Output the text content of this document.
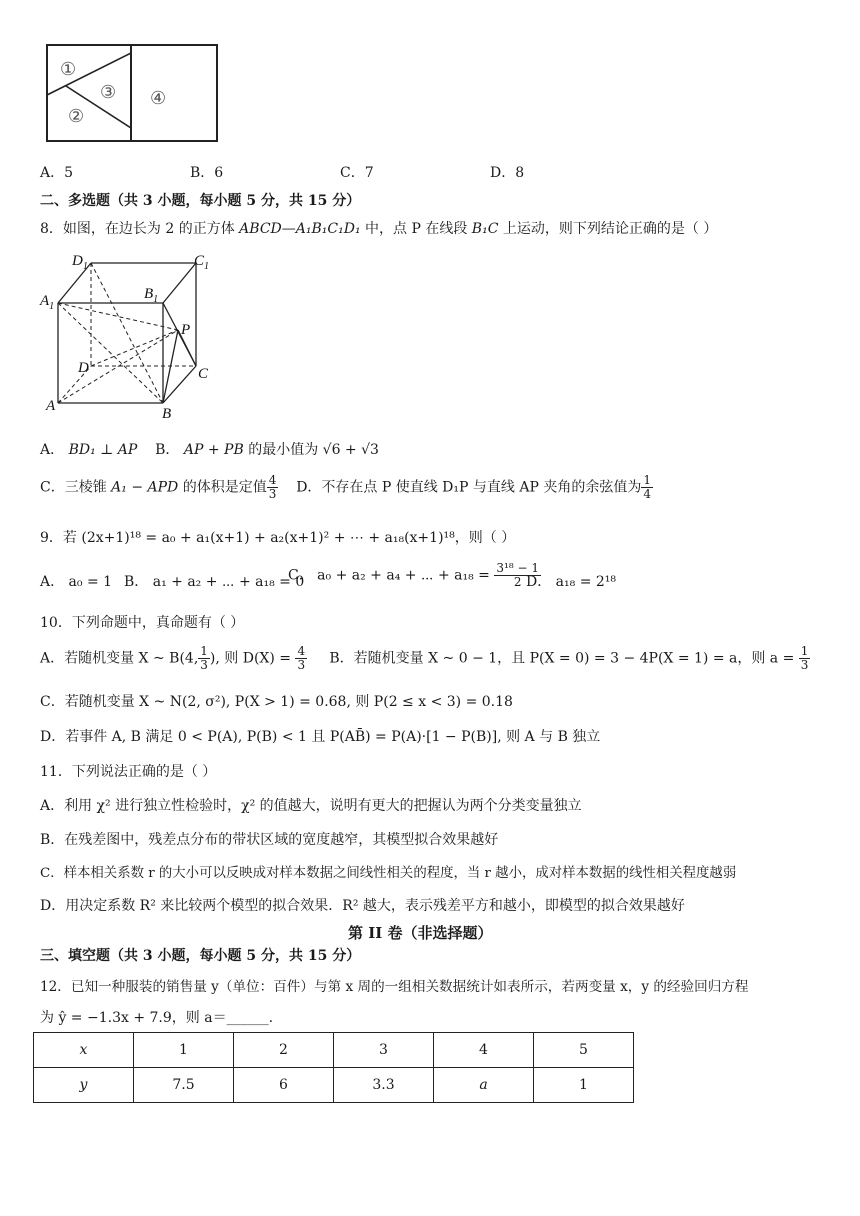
①
②
③ ④
A．5	B．6	C．7	D．8
二、多选题（共 3 小题，每小题 5 分，共 15 分）
8．如图，在边长为 2 的正方体 ABCD—A₁B₁C₁D₁ 中，点 P 在线段 B₁C 上运动，则下列结论正确的是（ ）
$D_1$	$C_1$
$A_1$
$B_1$
P
D	C
A	B
A． BD₁ ⊥ AP B． AP + PB 的最小值为 √6 + √3
C．三棱锥 A₁ − APD 的体积是定值 $\frac{4}{3}$ D．不存在点 P 使直线 D₁P 与直线 AP 夹角的余弦值为 $\frac{1}{4}$
9．若 (2x+1)¹⁸ = a₀ + a₁(x+1) + a₂(x+1)² + ⋯ + a₁₈(x+1)¹⁸，则（ ）
A． a₀ = 1 B． a₁ + a₂ + ⋯ + a₁₈ = 0
C． a₀ + a₂ + a₄ + ⋯ + $a_{18} = \frac{\text{3¹⁸ − 1}}{2}$
D． a₁₈ = 2¹⁸
10．下列命题中，真命题有（ ）
A．若随机变量 X ~ B(4, $\frac{1}{3}$ ), 则 $D(X) = \frac{4}{3}$ B．若随机变量 X ~ 0 − 1，且 P(X = 0) = 3 − 4P(X = 1) = a，则 $a = \frac{1}{3}$
C．若随机变量 X ~ N(2, σ²), P(X > 1) = 0.68, 则 P(2 ≤ x < 3) = 0.18
D．若事件 A, B 满足 0 < P(A), P(B) < 1 且 P(AB̄) = P(A)·[1 − P(B)], 则 A 与 B 独立
11．下列说法正确的是（ ）
A．利用 χ² 进行独立性检验时，χ² 的值越大，说明有更大的把握认为两个分类变量独立
B．在残差图中，残差点分布的带状区域的宽度越窄，其模型拟合效果越好
C．样本相关系数 r 的大小可以反映成对样本数据之间线性相关的程度，当 r 越小，成对样本数据的线性相关程度越弱
D．用决定系数 R² 来比较两个模型的拟合效果．R² 越大，表示残差平方和越小，即模型的拟合效果越好
第 II 卷（非选择题）
三、填空题（共 3 小题，每小题 5 分，共 15 分）
12．已知一种服装的销售量 y（单位：百件）与第 x 周的一组相关数据统计如表所示，若两变量 x，y 的经验回归方程
为 ŷ = −1.3x + 7.9，则 a＝______.
x	1	2	3	4	5
y	7.5	6	3.3	a	1
